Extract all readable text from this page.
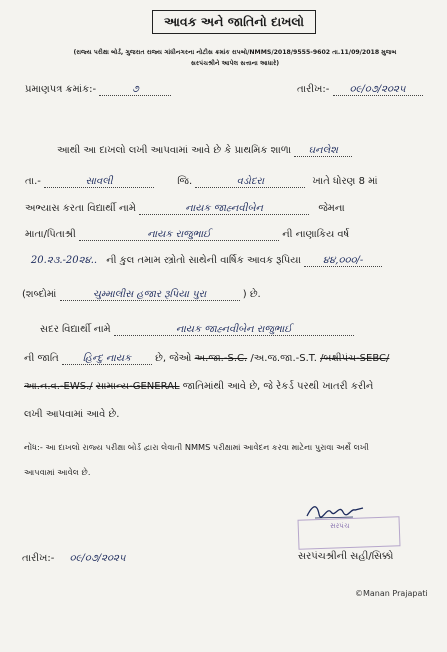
આવક અને જાતિનો દાખલો
(રાજ્ય પરીક્ષા બોર્ડ, ગુજરાત રાજ્ય ગાંધીનગરના નોટીસ ક્રમાંક રાપબો/NMMS/2018/9555-9602 તા.11/09/2018 મુજબ
સરપંચશ્રીને આપેલ સત્તાના આધારે)
પ્રમાણપત્ર ક્રમાંક:-	૭	તારીખ:- ૦૯/૦૭/૨૦૨૫
આથી આ દાખલો લખી આપવામાં આવે છે કે પ્રાથમિક શાળા ઘનલેશ
તા.-	સાવલી	જિ.	વડોદરા	ખાતે ધોરણ 8 માં
અભ્યાસ કરતા વિદ્યાર્થી નામે	નાયક જાહ્નવીબેન	જેમના
માતા/પિતાશ્રી	નાયક રાજુભાઈ	ની નાણાકિય વર્ષ
20.૨૩.-20૨૪.. ની કુલ તમામ સ્ત્રોતો સાથેની વાર્ષિક આવક રૂપિયા ૪૪,૦૦૦/-
(શબ્દોમાં	ચુમ્માલીસ હજાર રૂપિયા પુરા	) છે.
સદર વિદ્યાર્થી નામે	નાયક જાહ્નવીબેન રાજુભાઈ
ની જાતિ હિન્દુ નાયક છે, જેઓ અ.જા.-S.C. /અ.જ.જા.-S.T. /બક્ષીપંચ-SEBC/
આ.ન.વ.-EWS./ સામાન્ય-GENERAL જાતિમાંથી આવે છે, જે રેકર્ડ પરથી ખાતરી કરીને
લખી આપવામાં આવે છે.
નોંધ:- આ દાખલો રાજ્ય પરીક્ષા બોર્ડ દ્વારા લેવાતી NMMS પરીક્ષામાં આવેદન કરવા માટેના પુરાવા અર્થે લખી
આપવામાં આવેલ છે.
તારીખ:- ૦૯/૦૭/૨૦૨૫
સરપંચ
સરપંચશ્રીની સહી/સિક્કો
©Manan Prajapati
